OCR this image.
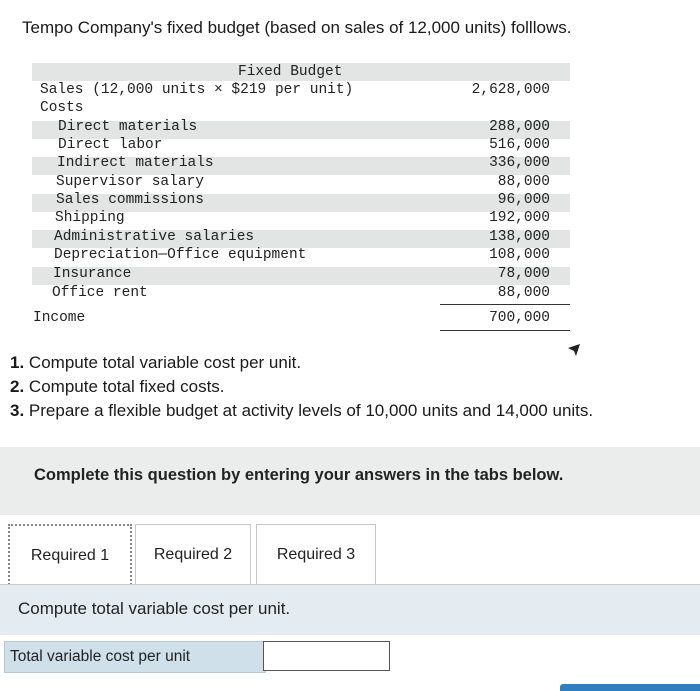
Tempo Company's fixed budget (based on sales of 12,000 units) folllows.
Fixed Budget
Sales (12,000 units × $219 per unit)	2,628,000
Costs
Direct materials	288,000
Direct labor	516,000
Indirect materials	336,000
Supervisor salary	88,000
Sales commissions	96,000
Shipping	192,000
Administrative salaries	138,000
Depreciation—Office equipment	108,000
Insurance	78,000
Office rent	88,000
Income	700,000
1. Compute total variable cost per unit.
2. Compute total fixed costs.
3. Prepare a flexible budget at activity levels of 10,000 units and 14,000 units.
Complete this question by entering your answers in the tabs below.
Required 1	Required 2	Required 3
Compute total variable cost per unit.
Total variable cost per unit
